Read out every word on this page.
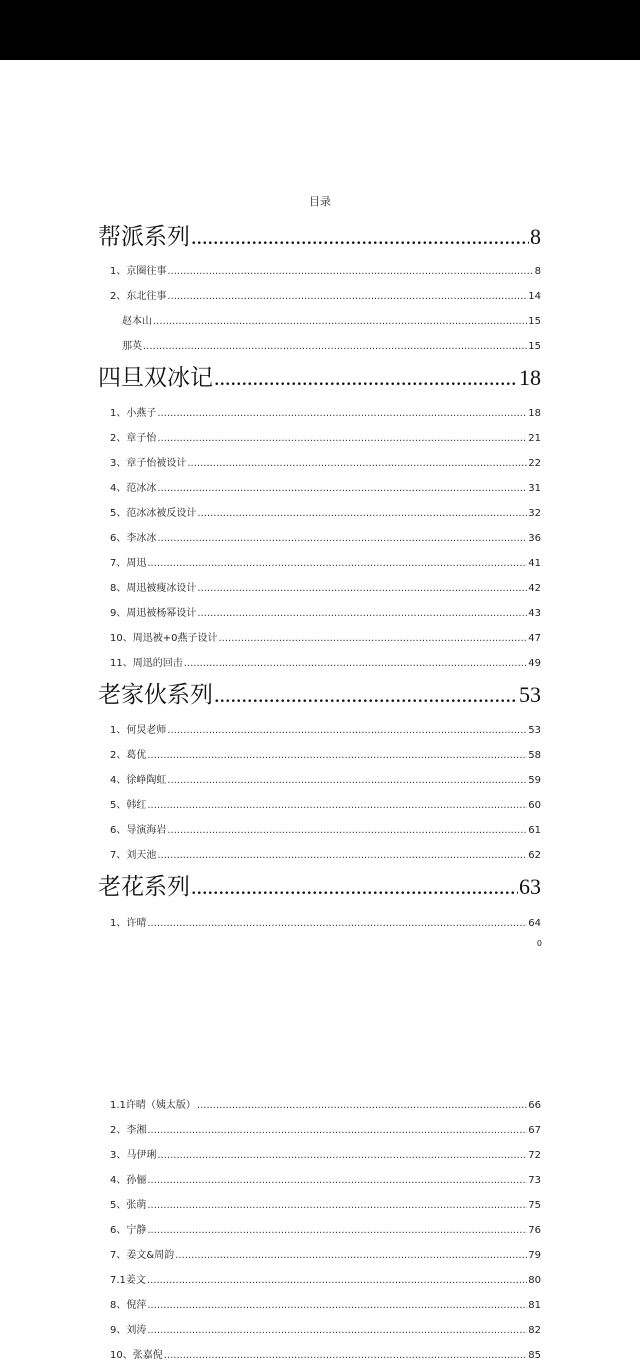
目录
帮派系列 .....	8
1、京圈往事 .....	8
2、东北往事 .....	14
赵本山 .....	15
那英 .....	15
四旦双冰记 .....	18
1、小燕子 .....	18
2、章子怡 .....	21
3、章子怡被设计 .....	22
4、范冰冰 .....	31
5、范冰冰被反设计 .....	32
6、李冰冰 .....	36
7、周迅 .....	41
8、周迅被瘦冰设计 .....	42
9、周迅被杨幂设计 .....	43
10、周迅被+0燕子设计 .....	47
11、周迅的回击 .....	49
老家伙系列 .....	53
1、何炅老师 .....	53
2、葛优 .....	58
4、徐峥陶虹 .....	59
5、韩红 .....	60
6、导演海岩 .....	61
7、刘天池 .....	62
老花系列 .....	63
1、许晴 .....	64
1.1许晴（姨太版） .....	66
2、李湘 .....	67
3、马伊琍 .....	72
4、孙俪 .....	73
5、张萌 .....	75
6、宁静 .....	76
7、姜文&周韵 .....	79
7.1姜文 .....	80
8、倪萍 .....	81
9、刘涛 .....	82
10、张嘉倪 .....	85
0
